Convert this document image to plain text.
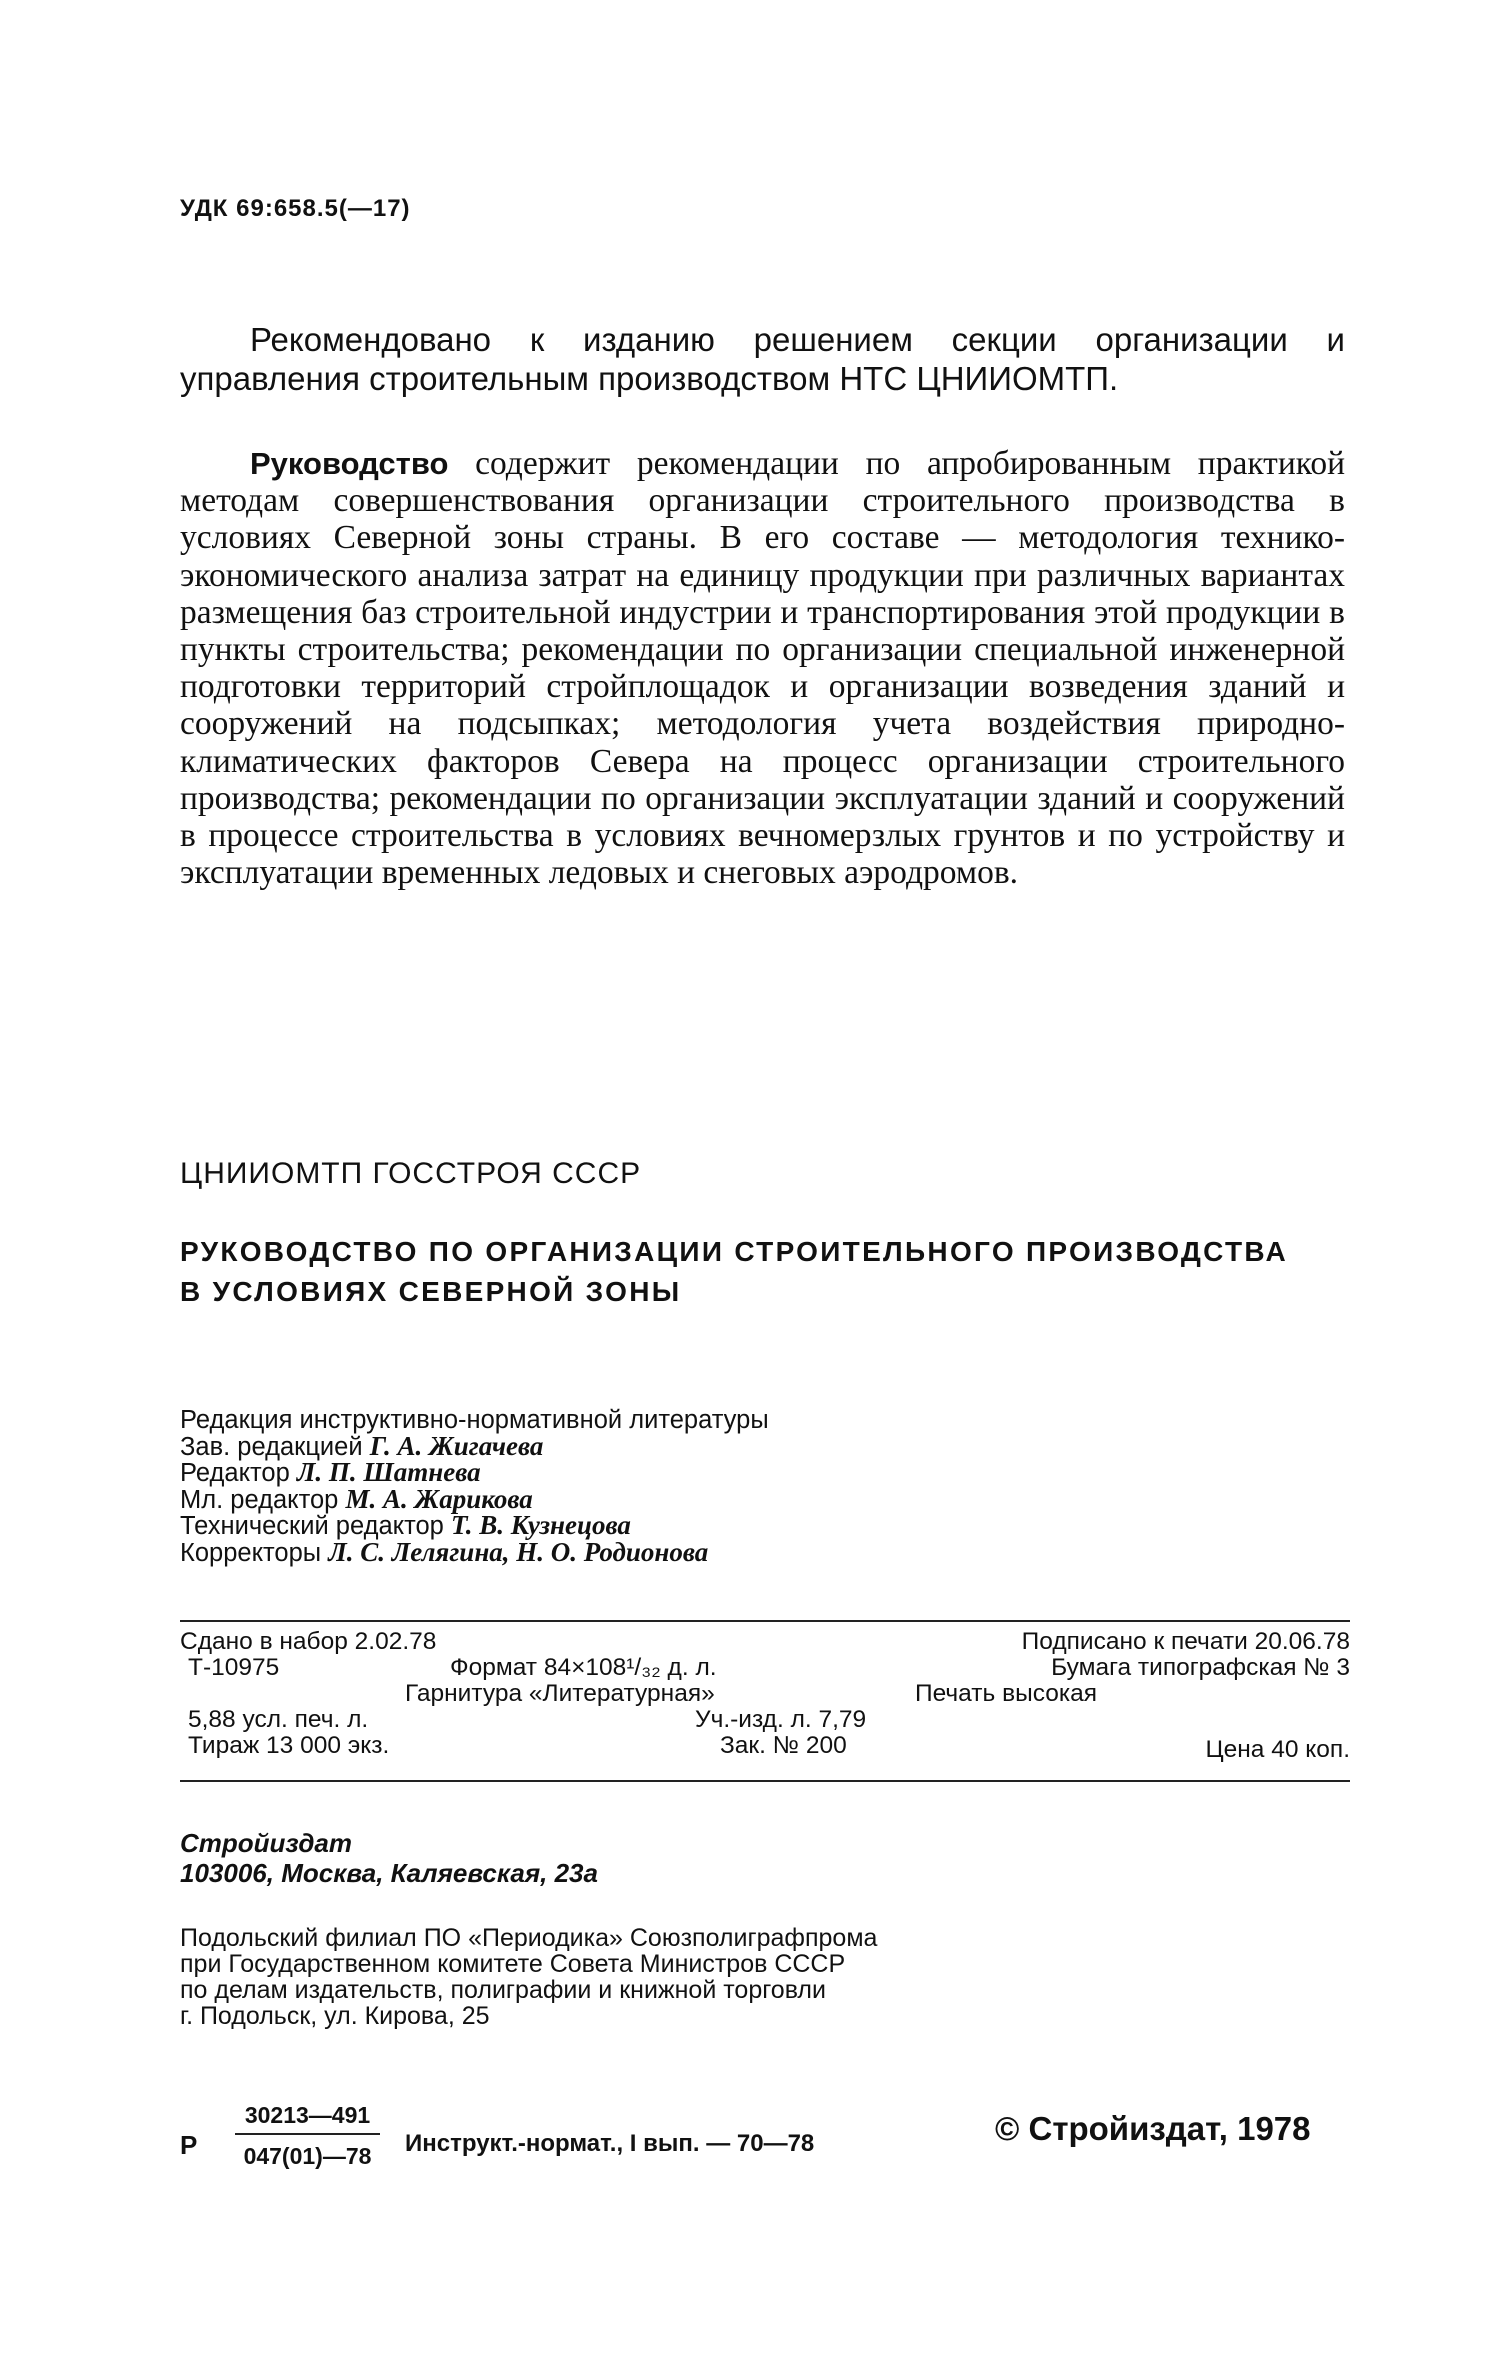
УДК 69:658.5(—17)
Рекомендовано к изданию решением секции организации и управления строительным производством НТС ЦНИИОМТП.
Руководство содержит рекомендации по апробированным практикой методам совершенствования организации строительного производства в условиях Северной зоны страны. В его составе — методология технико-экономического анализа затрат на единицу продукции при различных вариантах размещения баз строительной индустрии и транспортирования этой продукции в пункты строительства; рекомендации по организации специальной инженерной подготовки территорий стройплощадок и организации возведения зданий и сооружений на подсыпках; методология учета воздействия природно-климатических факторов Севера на процесс организации строительного производства; рекомендации по организации эксплуатации зданий и сооружений в процессе строительства в условиях вечномерзлых грунтов и по устройству и эксплуатации временных ледовых и снеговых аэродромов.
ЦНИИОМТП ГОССТРОЯ СССР
РУКОВОДСТВО ПО ОРГАНИЗАЦИИ СТРОИТЕЛЬНОГО ПРОИЗВОДСТВА
В УСЛОВИЯХ СЕВЕРНОЙ ЗОНЫ
Редакция инструктивно-нормативной литературы
Зав. редакцией Г. А. Жигачева
Редактор Л. П. Шатнева
Мл. редактор М. А. Жарикова
Технический редактор Т. В. Кузнецова
Корректоры Л. С. Лелягина, Н. О. Родионова
Сдано в набор 2.02.78	Подписано к печати 20.06.78
Т-10975	Формат 84×108¹/₃₂ д. л.	Бумага типографская № 3
Гарнитура «Литературная»	Печать высокая
5,88 усл. печ. л.	Уч.-изд. л. 7,79
Тираж 13 000 экз.	Зак. № 200	Цена 40 коп.
Стройиздат
103006, Москва, Каляевская, 23а
Подольский филиал ПО «Периодика» Союзполиграфпрома
при Государственном комитете Совета Министров СССР
по делам издательств, полиграфии и книжной торговли
г. Подольск, ул. Кирова, 25
Р $\frac{30213—491}{047(01)—78}$ Инструкт.-нормат., I вып. — 70—78	© Стройиздат, 1978
